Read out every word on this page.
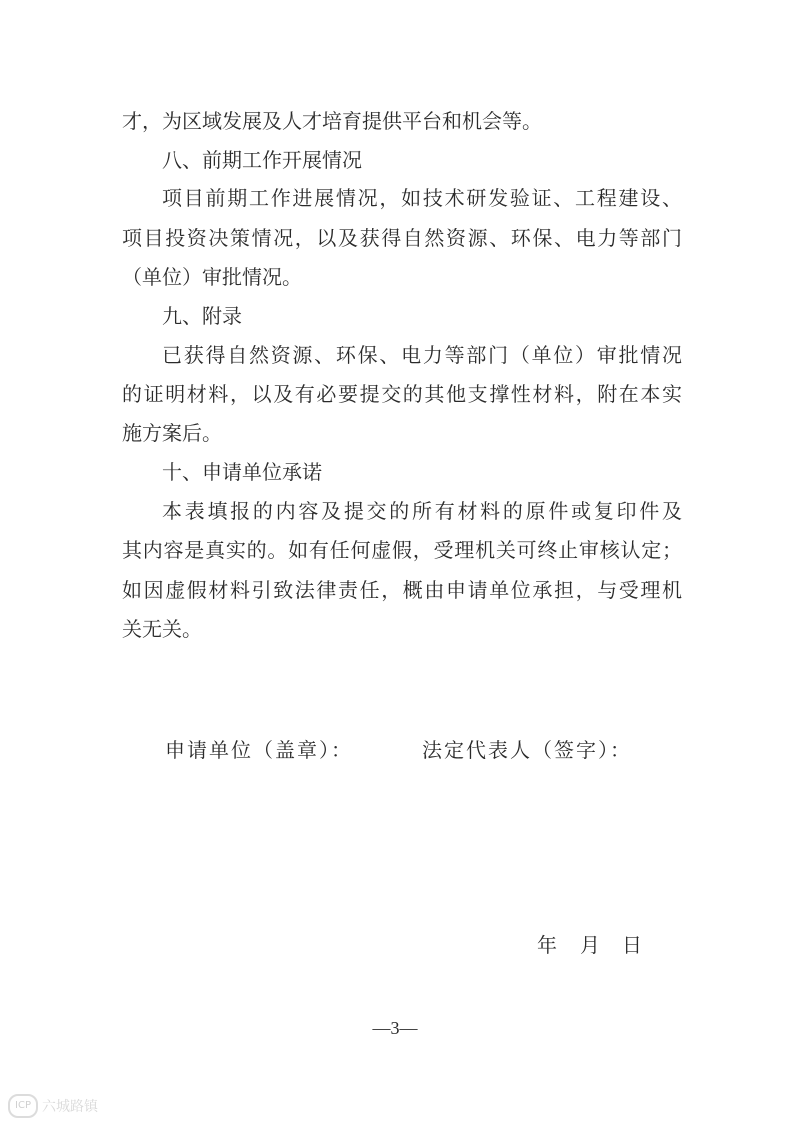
才，为区域发展及人才培育提供平台和机会等。
八、前期工作开展情况
项目前期工作进展情况，如技术研发验证、工程建设、
项目投资决策情况，以及获得自然资源、环保、电力等部门
（单位）审批情况。
九、附录
已获得自然资源、环保、电力等部门（单位）审批情况
的证明材料，以及有必要提交的其他支撑性材料，附在本实
施方案后。
十、申请单位承诺
本表填报的内容及提交的所有材料的原件或复印件及
其内容是真实的。如有任何虚假，受理机关可终止审核认定；
如因虚假材料引致法律责任，概由申请单位承担，与受理机
关无关。
申请单位（盖章）：	法定代表人（签字）：
年 月 日
—3—
ICP 六城路镇
